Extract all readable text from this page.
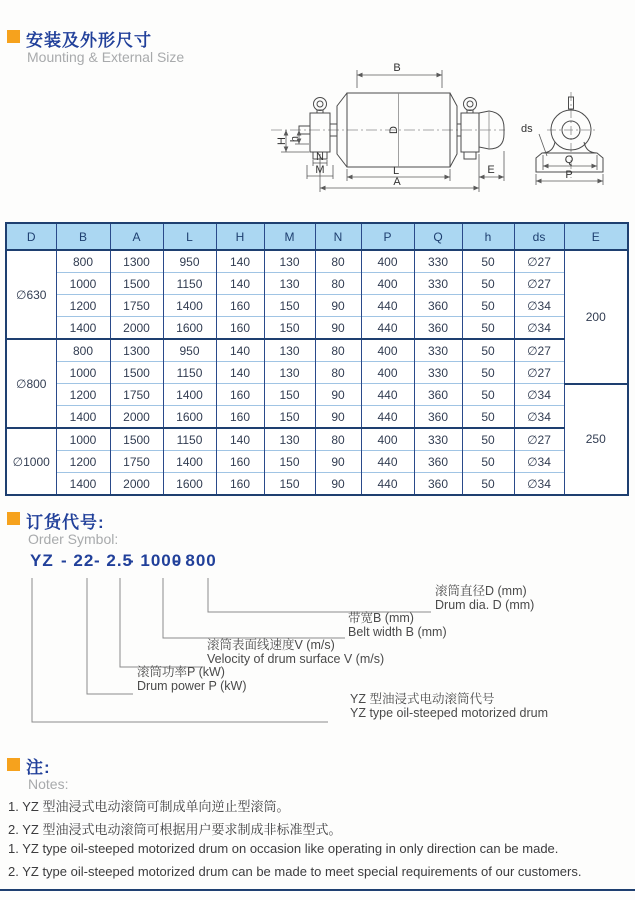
安装及外形尺寸
Mounting & External Size
B
D
L
A
E
H h
N
M
ds
Q
P
D	B	A	L	H	M	N	P	Q	h	ds	E
∅630	800	1300	950	140	130	80	400	330	50	∅27	200
	1000	1500	1150	140	130	80	400	330	50	∅27	
	1200	1750	1400	160	150	90	440	360	50	∅34	
	1400	2000	1600	160	150	90	440	360	50	∅34	
∅800	800	1300	950	140	130	80	400	330	50	∅27	
	1000	1500	1150	140	130	80	400	330	50	∅27	
	1200	1750	1400	160	150	90	440	360	50	∅34	250
	1400	2000	1600	160	150	90	440	360	50	∅34	
∅1000	1000	1500	1150	140	130	80	400	330	50	∅27	
	1200	1750	1400	160	150	90	440	360	50	∅34	
	1400	2000	1600	160	150	90	440	360	50	∅34	
订货代号:
Order Symbol:
YZ - 22 - 2.5
- 1000
- 800
滚筒直径D (mm)
Drum dia. D (mm)
带宽B (mm)
Belt width B (mm)
滚筒表面线速度V (m/s)
Velocity of drum surface V (m/s)
滚筒功率P (kW)
Drum power P (kW)
YZ 型油浸式电动滚筒代号
YZ type oil-steeped motorized drum
注:
Notes:
1. YZ 型油浸式电动滚筒可制成单向逆止型滚筒。
2. YZ 型油浸式电动滚筒可根据用户要求制成非标准型式。
1. YZ type oil-steeped motorized drum on occasion like operating in only direction can be made.
2. YZ type oil-steeped motorized drum can be made to meet special requirements of our customers.
